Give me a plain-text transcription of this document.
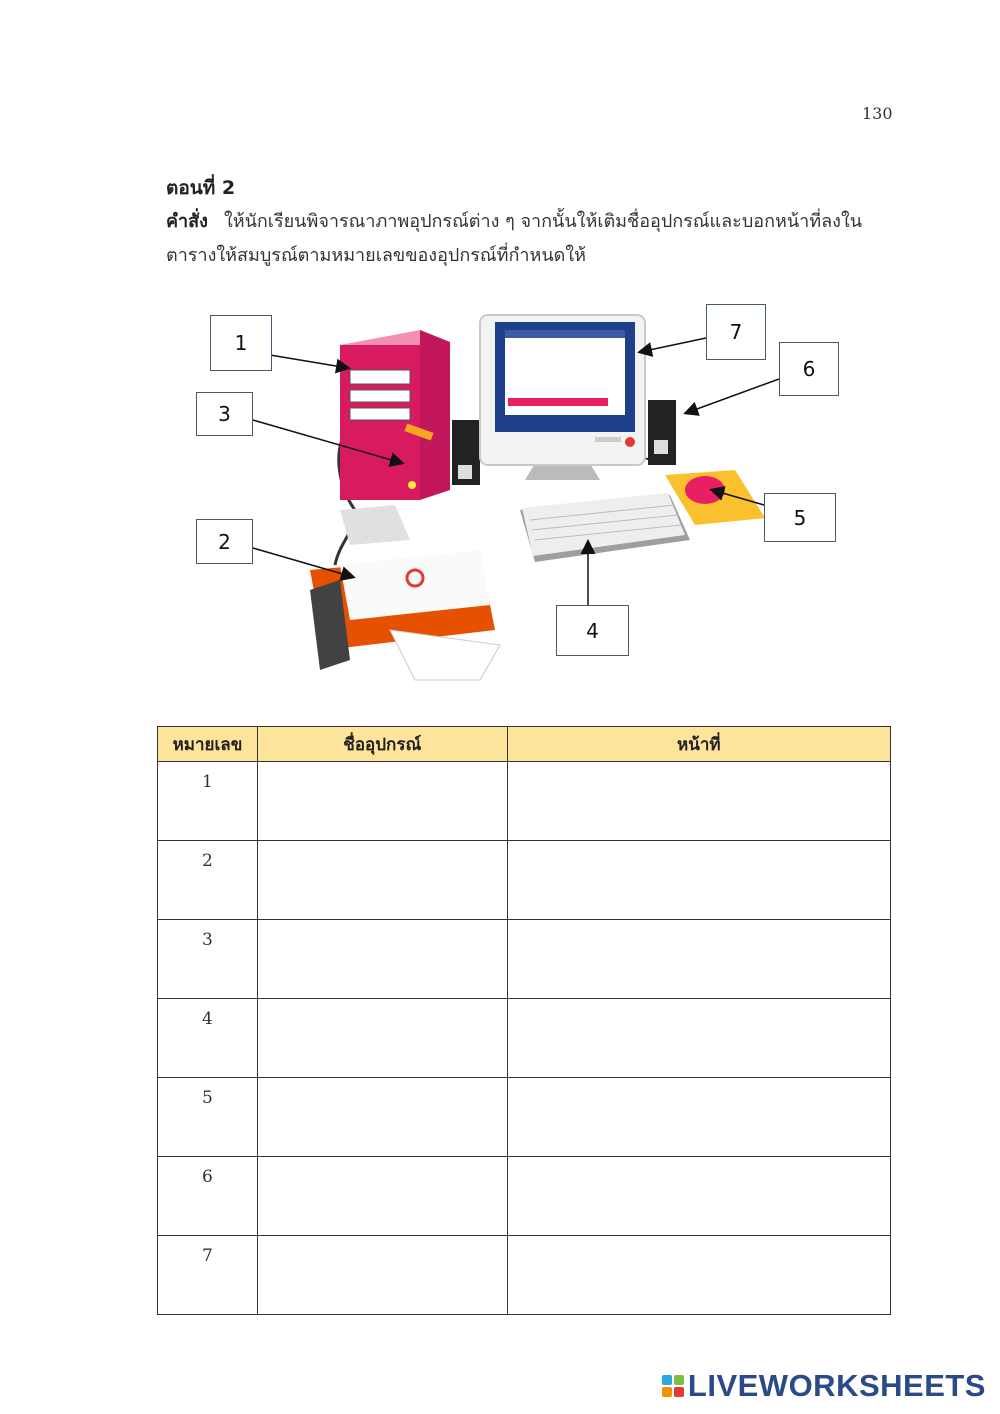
130
ตอนที่ 2
คำสั่ง ให้นักเรียนพิจารณาภาพอุปกรณ์ต่าง ๆ จากนั้นให้เติมชื่ออุปกรณ์และบอกหน้าที่ลงในตารางให้สมบูรณ์ตามหมายเลขของอุปกรณ์ที่กำหนดให้
1
3
2
4
5
6
7
หมายเลข	ชื่ออุปกรณ์	หน้าที่
1		
2		
3		
4		
5		
6		
7		
LIVEWORKSHEETS
